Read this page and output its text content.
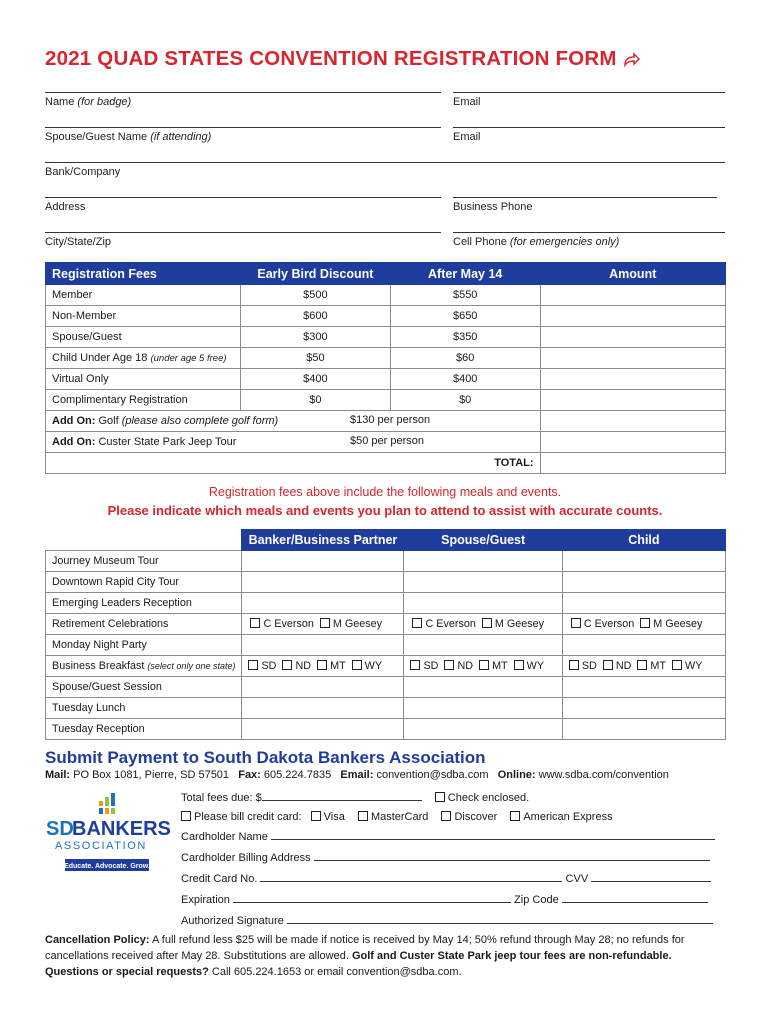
2021 QUAD STATES CONVENTION REGISTRATION FORM
Name (for badge)	Email
Spouse/Guest Name (if attending)	Email
Bank/Company
Address	Business Phone
City/State/Zip	Cell Phone (for emergencies only)
Registration Fees	Early Bird Discount	After May 14	Amount
Member	$500	$550	
Non-Member	$600	$650	
Spouse/Guest	$300	$350	
Child Under Age 18 (under age 5 free)	$50	$60	
Virtual Only	$400	$400	
Complimentary Registration	$0	$0	
Add On: Golf (please also complete golf form) $130 per person			

Add On: Custer State Park Jeep Tour $50 per person			

TOTAL:			
Registration fees above include the following meals and events.
Please indicate which meals and events you plan to attend to assist with accurate counts.
	Banker/Business Partner	Spouse/Guest	Child
Journey Museum Tour			
Downtown Rapid City Tour			
Emerging Leaders Reception			
Retirement Celebrations	C Everson M Geesey	C Everson M Geesey	C Everson M Geesey
Monday Night Party			
Business Breakfast (select only one state)	SD ND MT WY	SD ND MT WY	SD ND MT WY
Spouse/Guest Session			
Tuesday Lunch			
Tuesday Reception			
Submit Payment to South Dakota Bankers Association
Mail: PO Box 1081, Pierre, SD 57501 Fax: 605.224.7835 Email: convention@sdba.com Online: www.sdba.com/convention
SD
BANKERS
ASSOCIATION
Educate. Advocate. Grow.
Total fees due: $	Check enclosed.
Please bill credit card: Visa MasterCard Discover American Express
Cardholder Name
Cardholder Billing Address
Credit Card No.	CVV
Expiration	Zip Code
Authorized Signature
Cancellation Policy: A full refund less $25 will be made if notice is received by May 14; 50% refund through May 28; no refunds for cancellations received after May 28. Substitutions are allowed. Golf and Custer State Park jeep tour fees are non-refundable.
Questions or special requests? Call 605.224.1653 or email convention@sdba.com.
